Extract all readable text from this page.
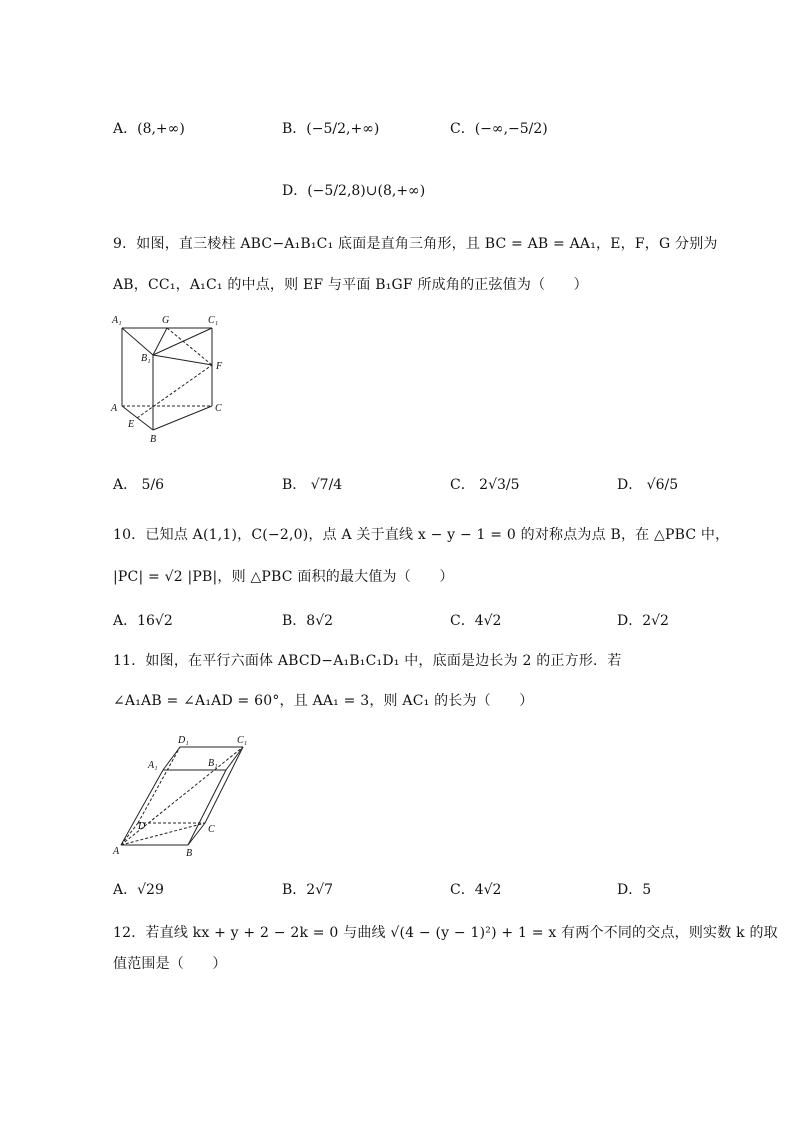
A．(8,+∞)	B．(−5/2,+∞)	C．(−∞,−5/2)
D．(−5/2,8)∪(8,+∞)
9．如图，直三棱柱 ABC−A₁B₁C₁ 底面是直角三角形，且 BC = AB = AA₁，E，F，G 分别为
AB，CC₁，A₁C₁ 的中点，则 EF 与平面 B₁GF 所成角的正弦值为（　　）
A₁	G	C₁
B₁
F
A	C
E
B
A． 5/6	B． √7/4	C． 2√3/5	D． √6/5
10．已知点 A(1,1)，C(−2,0)，点 A 关于直线 x − y − 1 = 0 的对称点为点 B，在 △PBC 中，
|PC| = √2 |PB|，则 △PBC 面积的最大值为（　　）
A．16√2	B．8√2	C．4√2	D．2√2
11．如图，在平行六面体 ABCD−A₁B₁C₁D₁ 中，底面是边长为 2 的正方形．若
∠A₁AB = ∠A₁AD = 60°，且 AA₁ = 3，则 AC₁ 的长为（　　）
D₁	C₁
A₁	B₁
D	C
A	B
A．√29	B．2√7	C．4√2	D．5
12．若直线 kx + y + 2 − 2k = 0 与曲线 √(4 − (y − 1)²) + 1 = x 有两个不同的交点，则实数 k 的取
值范围是（　　）
